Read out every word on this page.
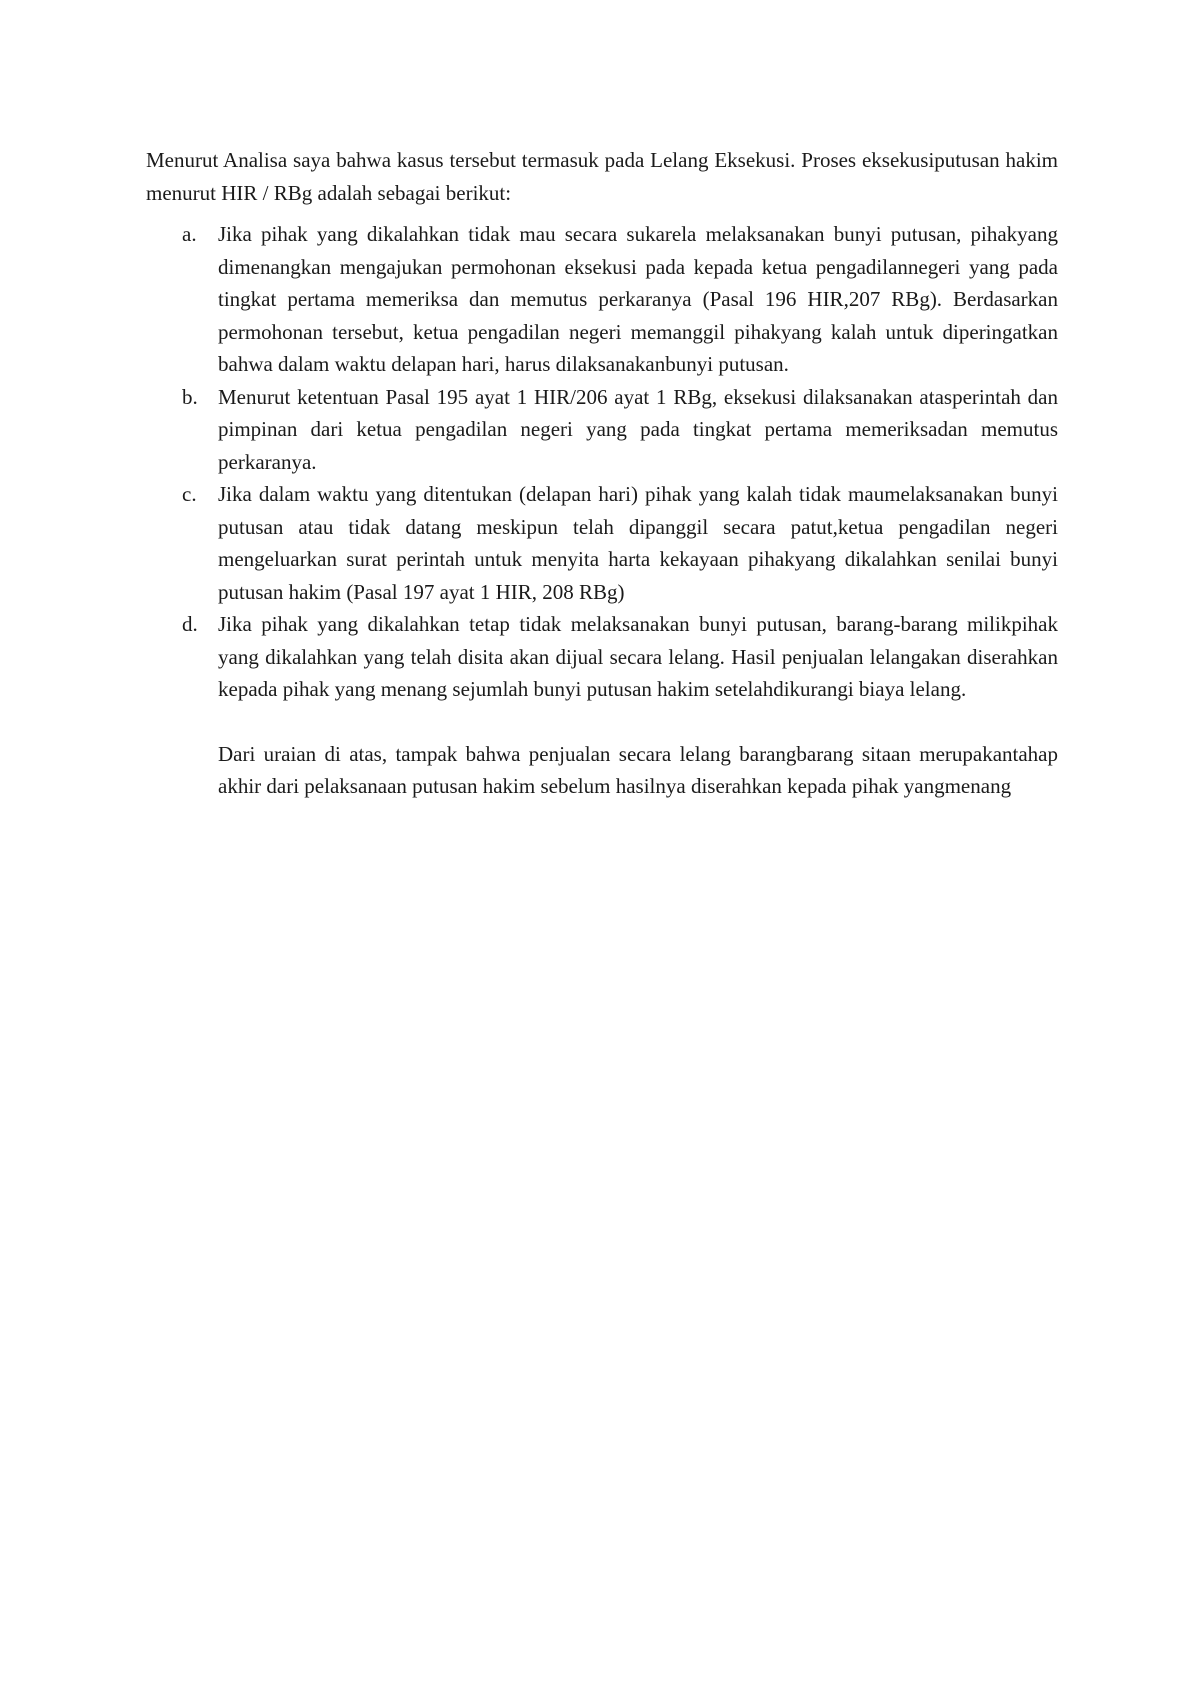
Menurut Analisa saya bahwa kasus tersebut termasuk pada Lelang Eksekusi. Proses eksekusiputusan hakim menurut HIR / RBg adalah sebagai berikut:

a. Jika pihak yang dikalahkan tidak mau secara sukarela melaksanakan bunyi putusan, pihakyang dimenangkan mengajukan permohonan eksekusi pada kepada ketua pengadilannegeri yang pada tingkat pertama memeriksa dan memutus perkaranya (Pasal 196 HIR,207 RBg). Berdasarkan permohonan tersebut, ketua pengadilan negeri memanggil pihakyang kalah untuk diperingatkan bahwa dalam waktu delapan hari, harus dilaksanakanbunyi putusan.
b. Menurut ketentuan Pasal 195 ayat 1 HIR/206 ayat 1 RBg, eksekusi dilaksanakan atasperintah dan pimpinan dari ketua pengadilan negeri yang pada tingkat pertama memeriksadan memutus perkaranya.
c. Jika dalam waktu yang ditentukan (delapan hari) pihak yang kalah tidak maumelaksanakan bunyi putusan atau tidak datang meskipun telah dipanggil secara patut,ketua pengadilan negeri mengeluarkan surat perintah untuk menyita harta kekayaan pihakyang dikalahkan senilai bunyi putusan hakim (Pasal 197 ayat 1 HIR, 208 RBg)
d. Jika pihak yang dikalahkan tetap tidak melaksanakan bunyi putusan, barang-barang milikpihak yang dikalahkan yang telah disita akan dijual secara lelang. Hasil penjualan lelangakan diserahkan kepada pihak yang menang sejumlah bunyi putusan hakim setelahdikurangi biaya lelang.

Dari uraian di atas, tampak bahwa penjualan secara lelang barangbarang sitaan merupakantahap akhir dari pelaksanaan putusan hakim sebelum hasilnya diserahkan kepada pihak yangmenang
